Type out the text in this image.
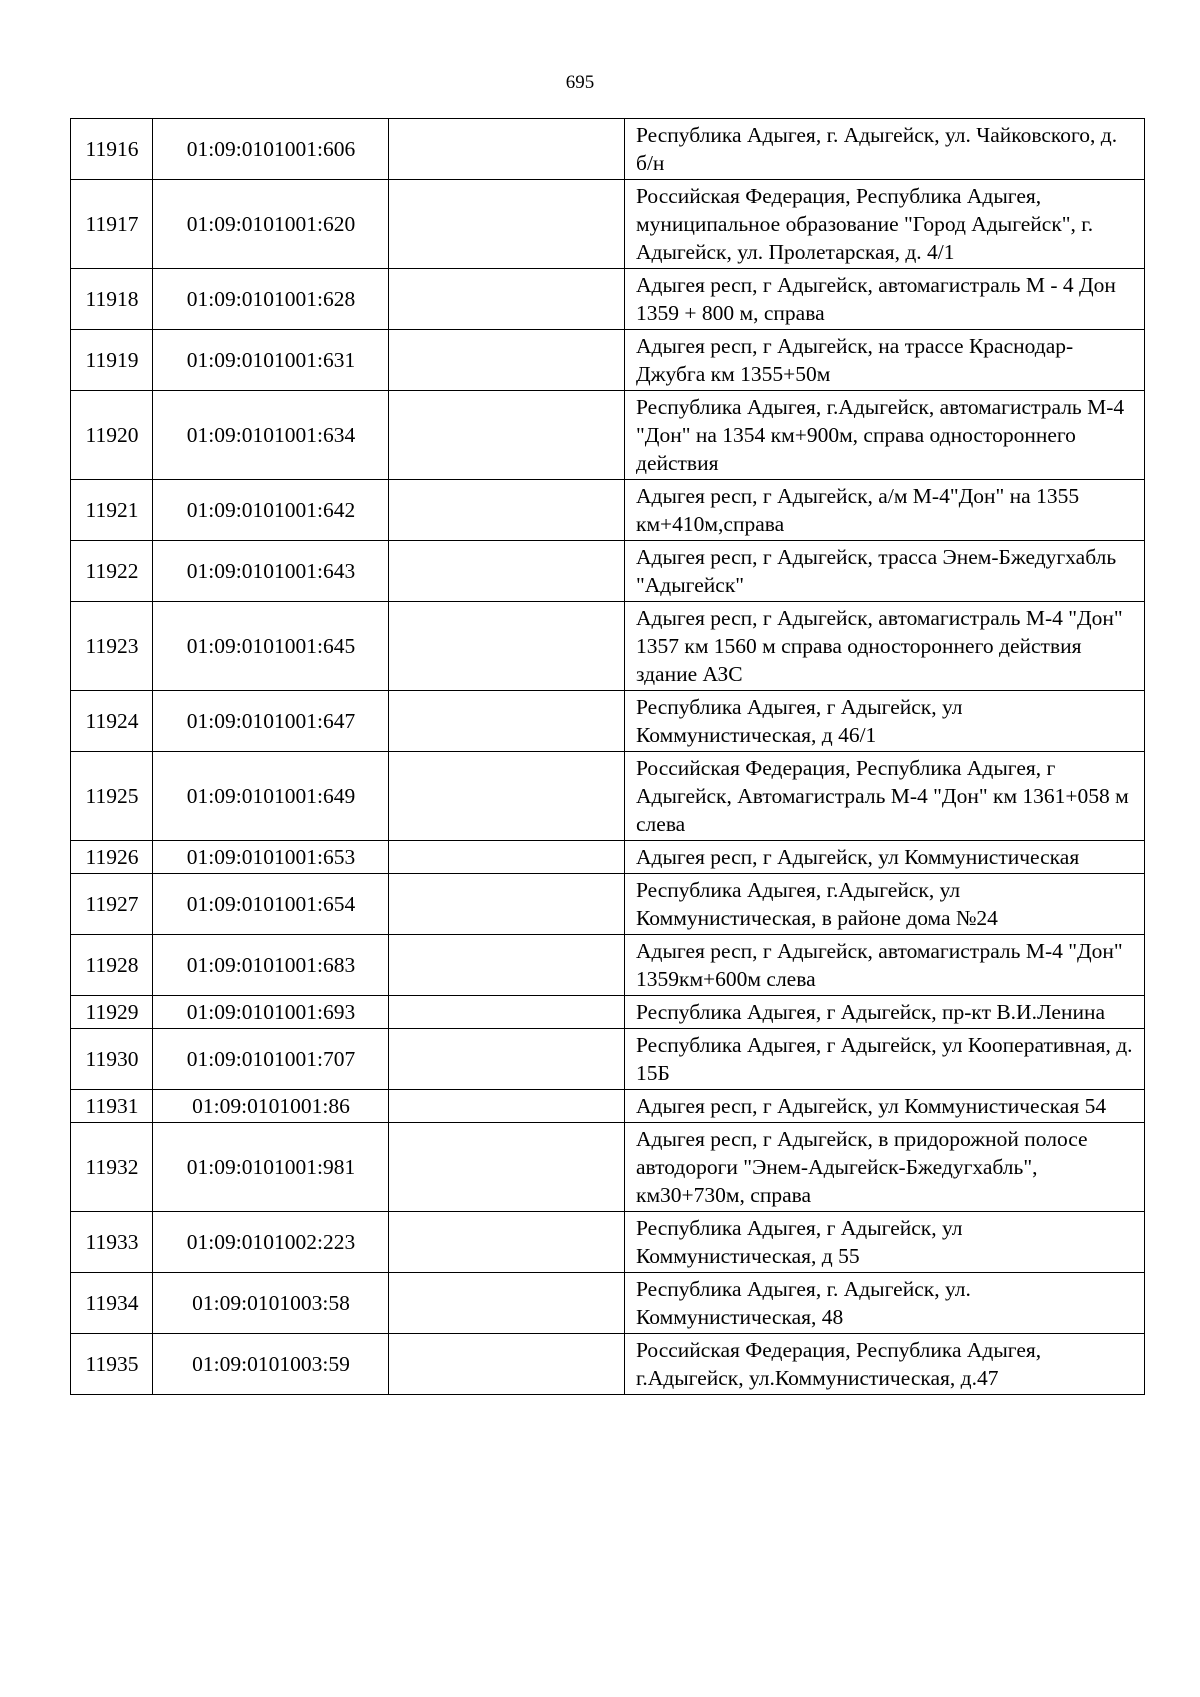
695
11916	01:09:0101001:606		Республика Адыгея, г. Адыгейск, ул. Чайковского, д. б/н
11917	01:09:0101001:620		Российская Федерация, Республика Адыгея, муниципальное образование "Город Адыгейск", г. Адыгейск, ул. Пролетарская, д. 4/1
11918	01:09:0101001:628		Адыгея респ, г Адыгейск, автомагистраль М - 4 Дон 1359 + 800 м, справа
11919	01:09:0101001:631		Адыгея респ, г Адыгейск, на трассе Краснодар-Джубга км 1355+50м
11920	01:09:0101001:634		Республика Адыгея, г.Адыгейск, автомагистраль М-4 "Дон" на 1354 км+900м, справа одностороннего действия
11921	01:09:0101001:642		Адыгея респ, г Адыгейск, а/м М-4"Дон" на 1355 км+410м,справа
11922	01:09:0101001:643		Адыгея респ, г Адыгейск, трасса Энем-Бжедугхабль "Адыгейск"
11923	01:09:0101001:645		Адыгея респ, г Адыгейск, автомагистраль М-4 "Дон" 1357 км 1560 м справа одностороннего действия здание АЗС
11924	01:09:0101001:647		Республика Адыгея, г Адыгейск, ул Коммунистическая, д 46/1
11925	01:09:0101001:649		Российская Федерация, Республика Адыгея, г Адыгейск, Автомагистраль М-4 "Дон" км 1361+058 м слева
11926	01:09:0101001:653		Адыгея респ, г Адыгейск, ул Коммунистическая
11927	01:09:0101001:654		Республика Адыгея, г.Адыгейск, ул Коммунистическая, в районе дома №24
11928	01:09:0101001:683		Адыгея респ, г Адыгейск, автомагистраль М-4 "Дон" 1359км+600м слева
11929	01:09:0101001:693		Республика Адыгея, г Адыгейск, пр-кт В.И.Ленина
11930	01:09:0101001:707		Республика Адыгея, г Адыгейск, ул Кооперативная, д. 15Б
11931	01:09:0101001:86		Адыгея респ, г Адыгейск, ул Коммунистическая 54
11932	01:09:0101001:981		Адыгея респ, г Адыгейск, в придорожной полосе автодороги "Энем-Адыгейск-Бжедугхабль", км30+730м, справа
11933	01:09:0101002:223		Республика Адыгея, г Адыгейск, ул Коммунистическая, д 55
11934	01:09:0101003:58		Республика Адыгея, г. Адыгейск, ул. Коммунистическая, 48
11935	01:09:0101003:59		Российская Федерация, Республика Адыгея, г.Адыгейск, ул.Коммунистическая, д.47
